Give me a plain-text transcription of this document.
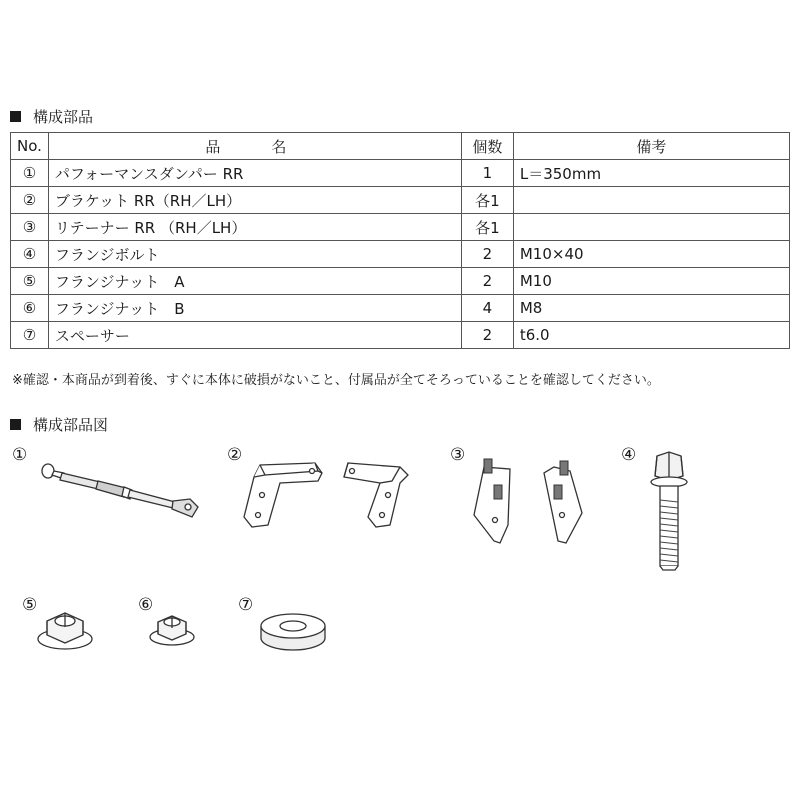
構成部品
No.	品　名	個数	備考
①	パフォーマンスダンパー RR	1	L＝350mm
②	ブラケット RR（RH／LH）	各1	
③	リテーナー RR （RH／LH）	各1	
④	フランジボルト	2	M10×40
⑤	フランジナット　A	2	M10
⑥	フランジナット　B	4	M8
⑦	スペーサー	2	t6.0
※確認・本商品が到着後、すぐに本体に破損がないこと、付属品が全てそろっていることを確認してください。
構成部品図
①	②	③	④
⑤	⑥	⑦
